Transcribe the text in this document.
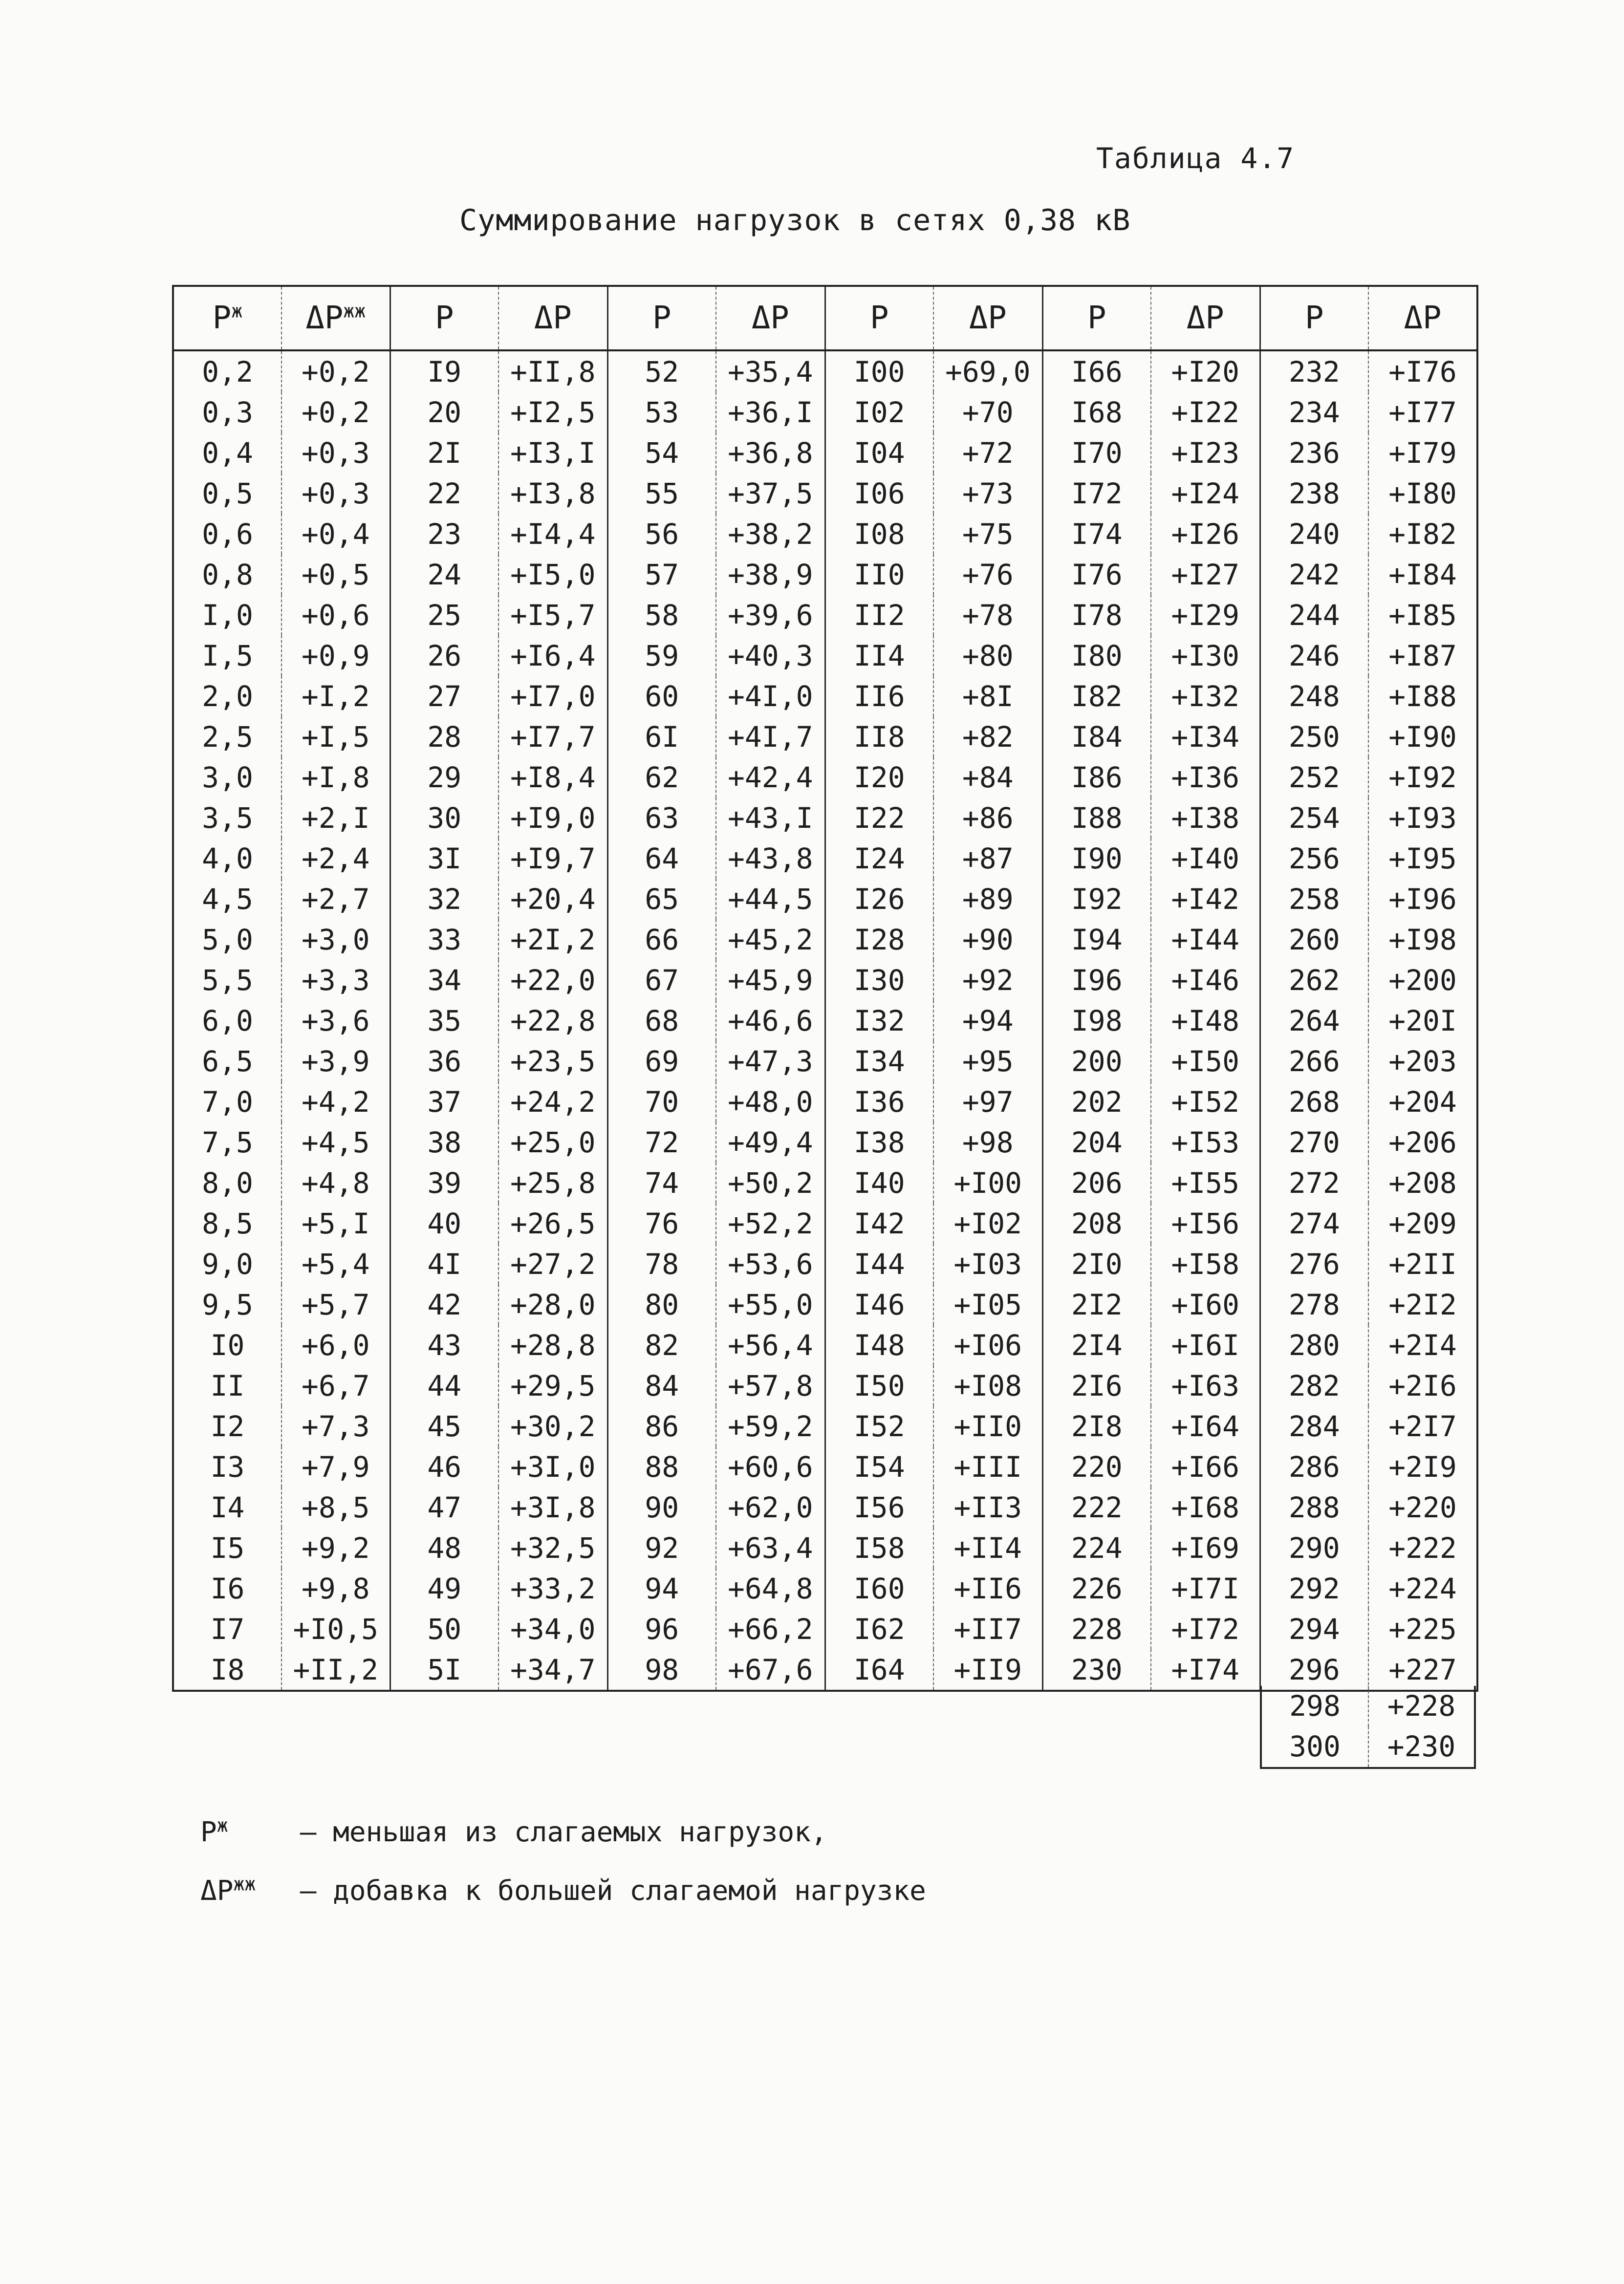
Таблица 4.7
Суммирование нагрузок в сетях 0,38 кВ
$Р^ж$	$\Delta Р^{жж}$	Р	ΔР	Р	ΔР	Р	ΔР	Р	ΔР	Р	ΔР
0,2	+0,2	I9	+II,8	52	+35,4	I00	+69,0	I66	+I20	232	+I76
0,3	+0,2	20	+I2,5	53	+36,I	I02	+70	I68	+I22	234	+I77
0,4	+0,3	2I	+I3,I	54	+36,8	I04	+72	I70	+I23	236	+I79
0,5	+0,3	22	+I3,8	55	+37,5	I06	+73	I72	+I24	238	+I80
0,6	+0,4	23	+I4,4	56	+38,2	I08	+75	I74	+I26	240	+I82
0,8	+0,5	24	+I5,0	57	+38,9	II0	+76	I76	+I27	242	+I84
I,0	+0,6	25	+I5,7	58	+39,6	II2	+78	I78	+I29	244	+I85
I,5	+0,9	26	+I6,4	59	+40,3	II4	+80	I80	+I30	246	+I87
2,0	+I,2	27	+I7,0	60	+4I,0	II6	+8I	I82	+I32	248	+I88
2,5	+I,5	28	+I7,7	6I	+4I,7	II8	+82	I84	+I34	250	+I90
3,0	+I,8	29	+I8,4	62	+42,4	I20	+84	I86	+I36	252	+I92
3,5	+2,I	30	+I9,0	63	+43,I	I22	+86	I88	+I38	254	+I93
4,0	+2,4	3I	+I9,7	64	+43,8	I24	+87	I90	+I40	256	+I95
4,5	+2,7	32	+20,4	65	+44,5	I26	+89	I92	+I42	258	+I96
5,0	+3,0	33	+2I,2	66	+45,2	I28	+90	I94	+I44	260	+I98
5,5	+3,3	34	+22,0	67	+45,9	I30	+92	I96	+I46	262	+200
6,0	+3,6	35	+22,8	68	+46,6	I32	+94	I98	+I48	264	+20I
6,5	+3,9	36	+23,5	69	+47,3	I34	+95	200	+I50	266	+203
7,0	+4,2	37	+24,2	70	+48,0	I36	+97	202	+I52	268	+204
7,5	+4,5	38	+25,0	72	+49,4	I38	+98	204	+I53	270	+206
8,0	+4,8	39	+25,8	74	+50,2	I40	+I00	206	+I55	272	+208
8,5	+5,I	40	+26,5	76	+52,2	I42	+I02	208	+I56	274	+209
9,0	+5,4	4I	+27,2	78	+53,6	I44	+I03	2I0	+I58	276	+2II
9,5	+5,7	42	+28,0	80	+55,0	I46	+I05	2I2	+I60	278	+2I2
I0	+6,0	43	+28,8	82	+56,4	I48	+I06	2I4	+I6I	280	+2I4
II	+6,7	44	+29,5	84	+57,8	I50	+I08	2I6	+I63	282	+2I6
I2	+7,3	45	+30,2	86	+59,2	I52	+II0	2I8	+I64	284	+2I7
I3	+7,9	46	+3I,0	88	+60,6	I54	+III	220	+I66	286	+2I9
I4	+8,5	47	+3I,8	90	+62,0	I56	+II3	222	+I68	288	+220
I5	+9,2	48	+32,5	92	+63,4	I58	+II4	224	+I69	290	+222
I6	+9,8	49	+33,2	94	+64,8	I60	+II6	226	+I7I	292	+224
I7	+I0,5	50	+34,0	96	+66,2	I62	+II7	228	+I72	294	+225
I8	+II,2	5I	+34,7	98	+67,6	I64	+II9	230	+I74	296	+227
298	+228
300	+230
$Р^ж$	– меньшая из слагаемых нагрузок,
$\Delta Р^{жж}$ – добавка к большей слагаемой нагрузке
